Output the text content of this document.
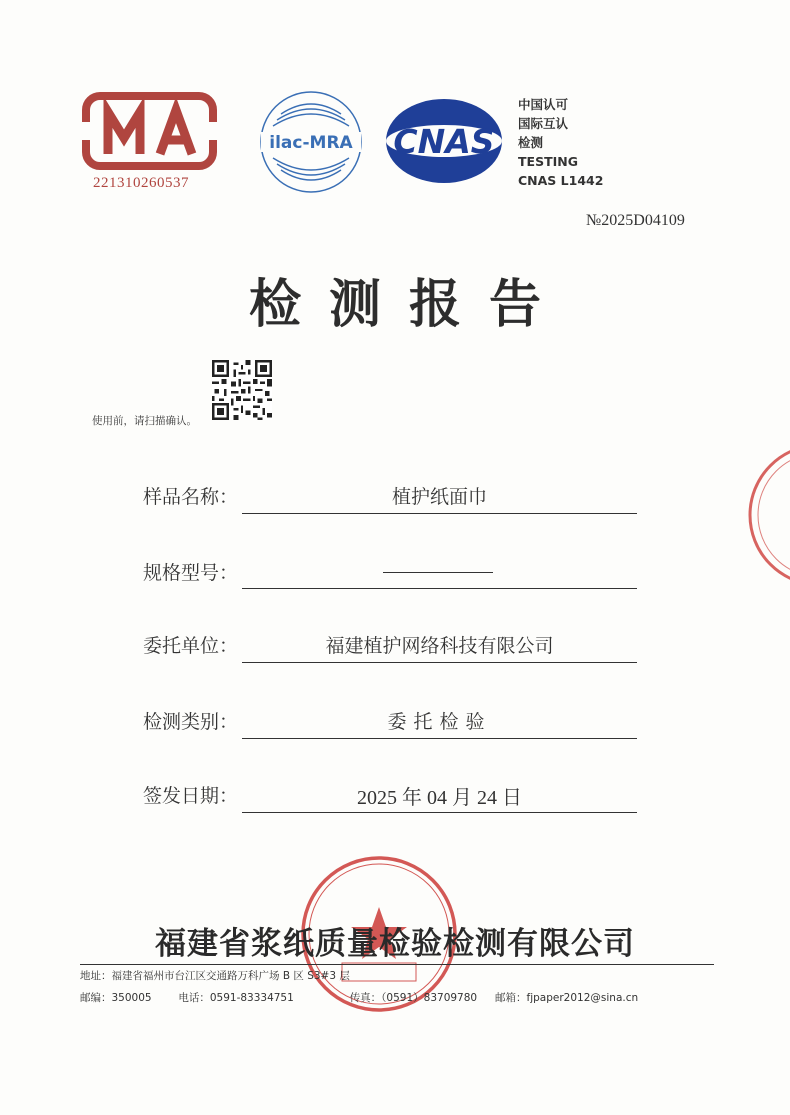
221310260537
ilac-MRA CNAS
中国认可
国际互认
检测
TESTING
CNAS L1442
№2025D04109
检测报告
使用前，请扫描确认。
样品名称：	植护纸面巾
规格型号：
委托单位：	福建植护网络科技有限公司
检测类别：	委托检验
签发日期：	2025 年 04 月 24 日
福建省浆纸质量检验检测有限公司
地址：福建省福州市台江区交通路万科广场 B 区 S3#3 层
邮编：350005	电话：0591-83334751	传真：（0591）83709780 邮箱：fjpaper2012@sina.cn
